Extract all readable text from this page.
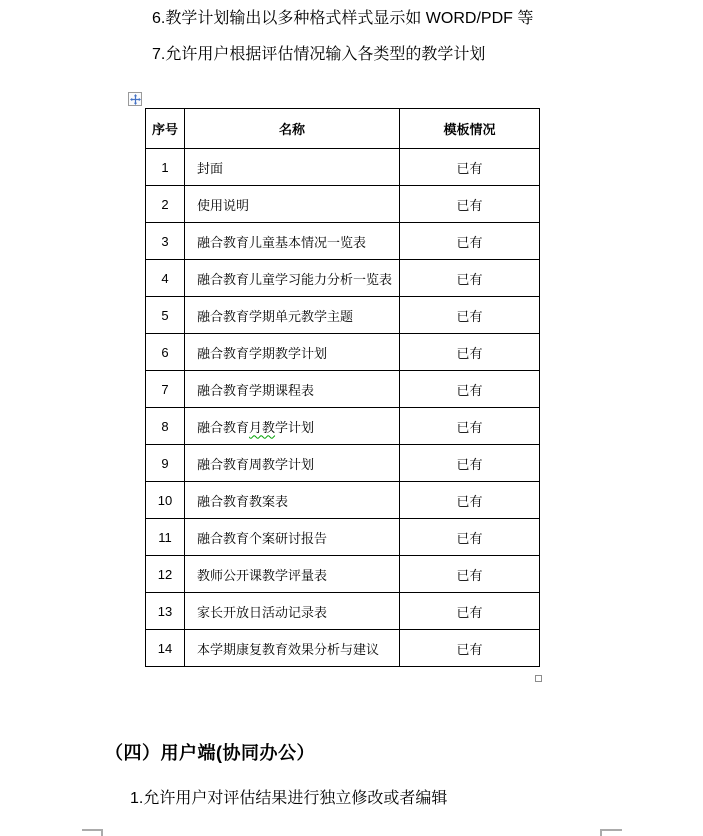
6.教学计划输出以多种格式样式显示如 WORD/PDF 等
7.允许用户根据评估情况输入各类型的教学计划
序号	名称	模板情况
1	封面	已有
2	使用说明	已有
3	融合教育儿童基本情况一览表	已有
4	融合教育儿童学习能力分析一览表	已有
5	融合教育学期单元教学主题	已有
6	融合教育学期教学计划	已有
7	融合教育学期课程表	已有
8	融合教育月教学计划	已有
9	融合教育周教学计划	已有
10	融合教育教案表	已有
11	融合教育个案研讨报告	已有
12	教师公开课教学评量表	已有
13	家长开放日活动记录表	已有
14	本学期康复教育效果分析与建议	已有
（四）用户端(协同办公）
1.允许用户对评估结果进行独立修改或者编辑
